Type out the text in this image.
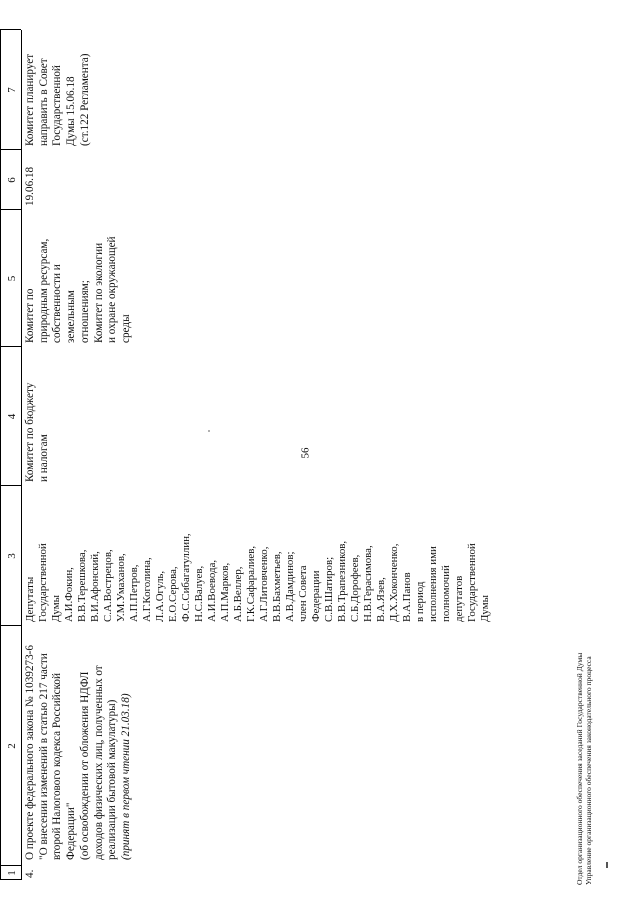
56
1
2
3
4
5
6
7
4.
О проекте федерального закона № 1039273-6
"О внесении изменений в статью 217 части
второй Налогового кодекса Российской
Федерации"
(об освобождении от обложения НДФЛ
доходов физических лиц, полученных от
реализации бытовой макулатуры) (принят в первом чтении 21.03.18)
Депутаты
Государственной
Думы
А.И.Фокин,
В.В.Терешкова,
В.И.Афонский,
С.А.Вострецов,
У.М.Умаханов,
А.П.Петров,
А.Г.Коголина,
Л.А.Огуль,
Е.О.Серова,
Ф.С.Сибагатуллин,
Н.С.Валуев,
А.И.Воевода,
А.П.Марков,
А.Б.Веллер,
Г.К.Сафаралиев,
А.Г.Литовченко,
В.В.Бахметьев,
А.В.Дамдинов;
член Совета
Федерации
С.В.Шатиров;
В.В.Трапезников,
С.Б.Дорофеев,
Н.В.Герасимова,
В.А.Язев,
Д.Х.Хоконченко,
В.А.Панов
в период
исполнения ими
полномочий
депутатов
Государственной
Думы
Комитет по бюджету
и налогам
Комитет по
природным ресурсам,
собственности и
земельным
отношениям;
Комитет по экологии
и охране окружающей
среды
19.06.18
Комитет планирует
направить в Совет
Государственной
Думы 15.06.18
(ст.122 Регламента)
Отдел организационного обеспечения заседаний Государственной Думы Управление организационного обеспечения законодательного процесса
